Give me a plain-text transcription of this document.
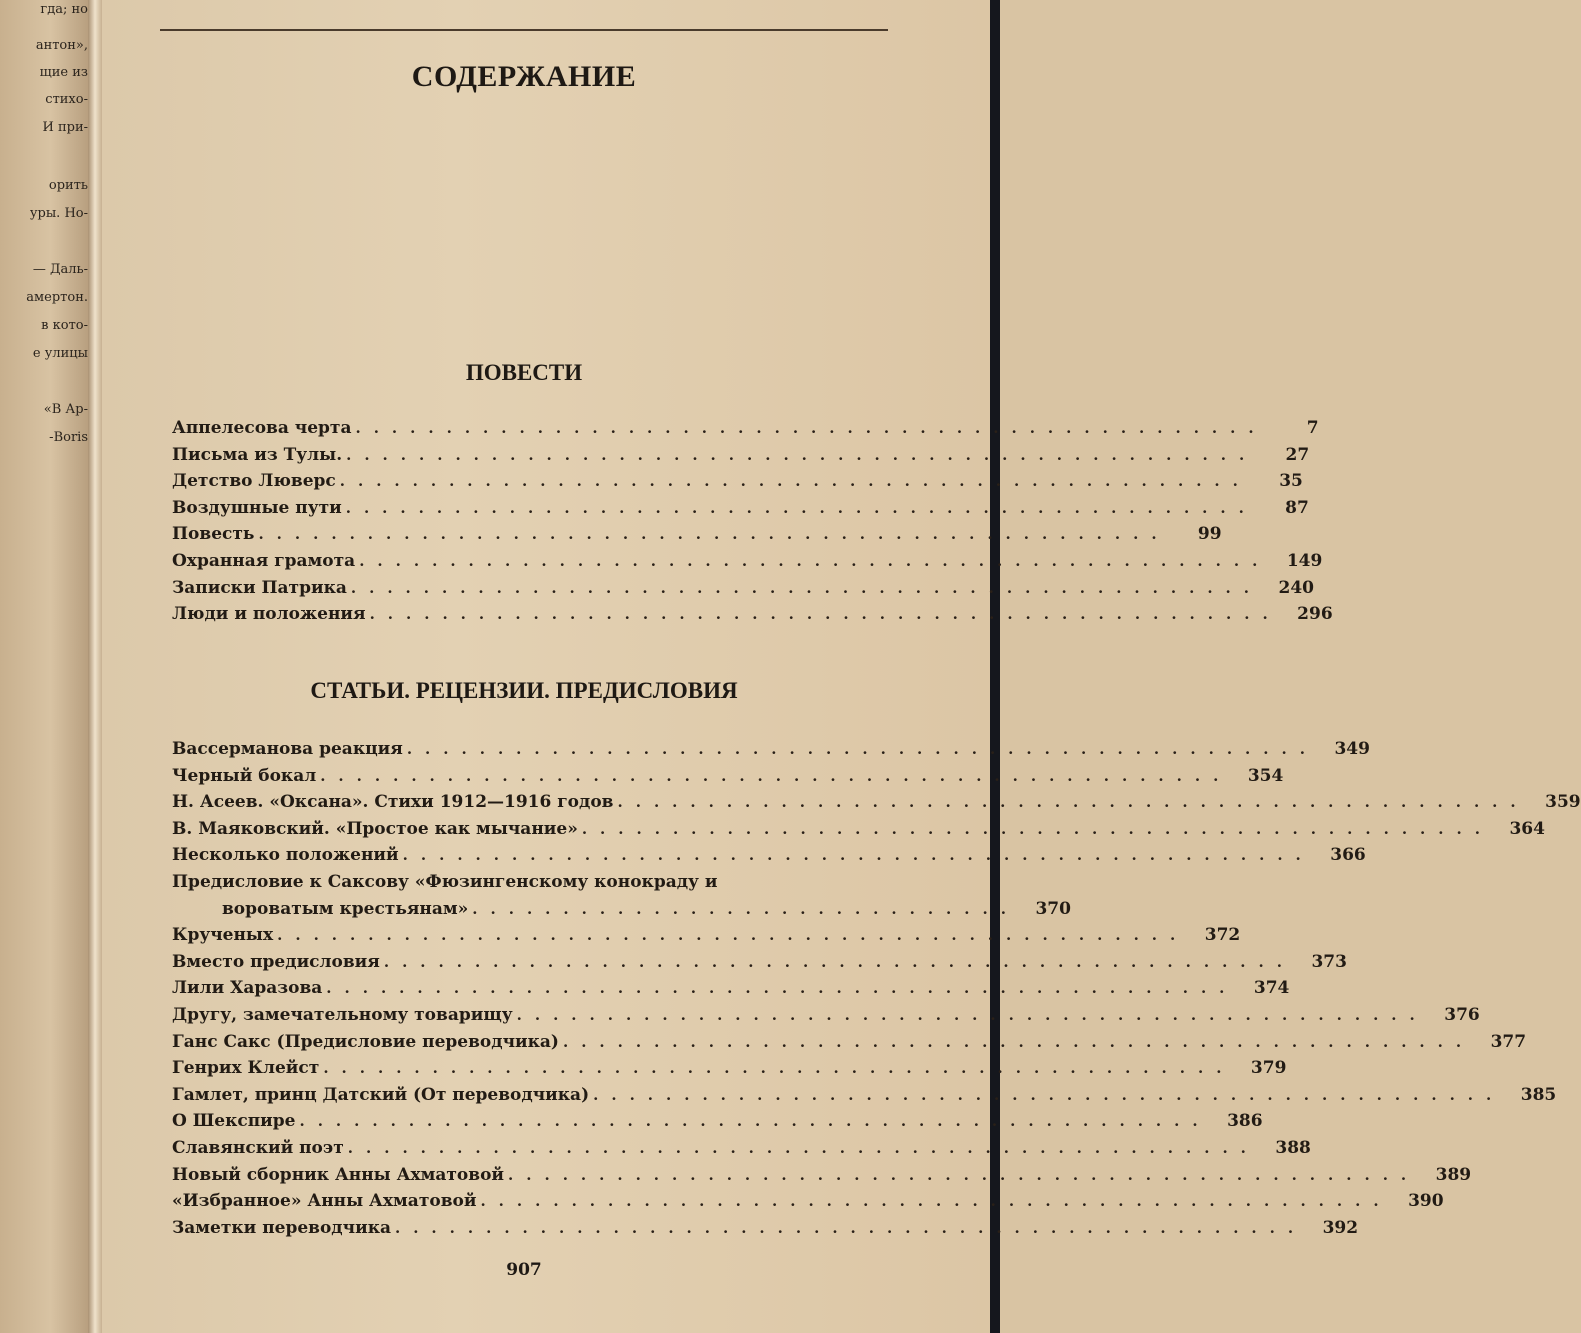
гда; но
антон»,
щие из
стихо-
И при-
орить
уры. Но-
— Даль-
амертон.
в кото-
е улицы
«В Ар-
-Boris
СОДЕРЖАНИЕ
ПОВЕСТИ
Аппелесова черта ..................................................	7
Письма из Тулы. ..................................................	27
Детство Люверс ..................................................	35
Воздушные пути ..................................................	87
Повесть ..................................................	99
Охранная грамота .................................................. 149
Записки Патрика .................................................. 240
Люди и положения .................................................. 296
СТАТЬИ. РЕЦЕНЗИИ. ПРЕДИСЛОВИЯ
Вассерманова реакция .................................................. 349
Черный бокал .................................................. 354
Н. Асеев. «Оксана». Стихи 1912—1916 годов .................................................. 359
В. Маяковский. «Простое как мычание» .................................................. 364
Несколько положений .................................................. 366
Предисловие к Саксову «Фюзингенскому конокраду и
вороватым крестьянам» .............................. 370
Крученых .................................................. 372
Вместо предисловия .................................................. 373
Лили Харазова .................................................. 374
Другу, замечательному товарищу .................................................. 376
Ганс Сакс (Предисловие переводчика) .................................................. 377
Генрих Клейст .................................................. 379
Гамлет, принц Датский (От переводчика) .................................................. 385
О Шекспире .................................................. 386
Славянский поэт .................................................. 388
Новый сборник Анны Ахматовой .................................................. 389
«Избранное» Анны Ахматовой .................................................. 390
Заметки переводчика .................................................. 392
907
